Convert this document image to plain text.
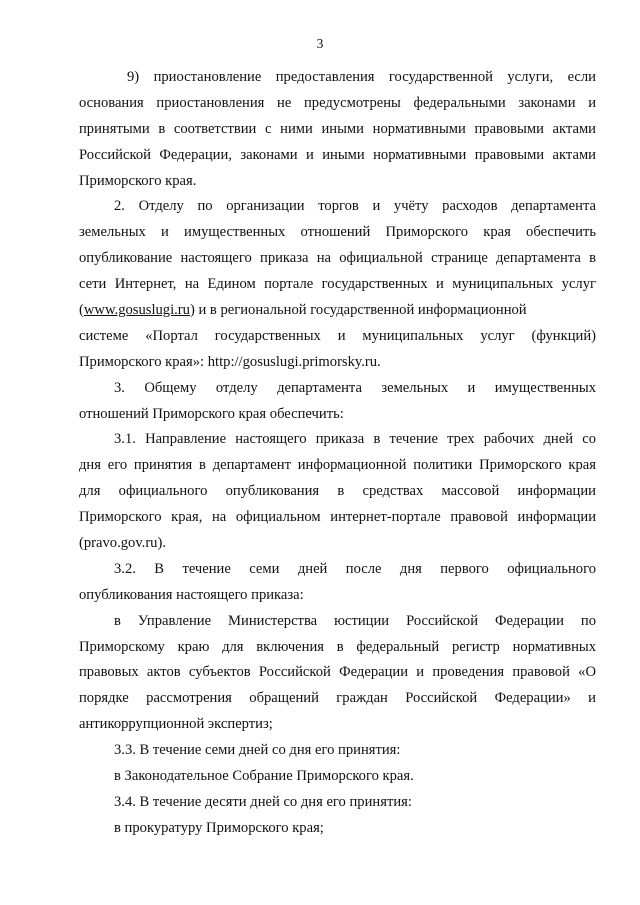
3
9) приостановление предоставления государственной услуги, если
основания приостановления не предусмотрены федеральными законами и
принятыми в соответствии с ними иными нормативными правовыми актами
Российской Федерации, законами и иными нормативными правовыми актами
Приморского края.
2. Отделу по организации торгов и учёту расходов департамента
земельных и имущественных отношений Приморского края обеспечить
опубликование настоящего приказа на официальной странице департамента в
сети Интернет, на Едином портале государственных и муниципальных услуг
(www.gosuslugi.ru) и в региональной государственной информационной
системе «Портал государственных и муниципальных услуг (функций)
Приморского края»: http://gosuslugi.primorsky.ru.
3. Общему отделу департамента земельных и имущественных
отношений Приморского края обеспечить:
3.1. Направление настоящего приказа в течение трех рабочих дней со
дня его принятия в департамент информационной политики Приморского края
для официального опубликования в средствах массовой информации
Приморского края, на официальном интернет-портале правовой информации
(pravo.gov.ru).
3.2. В течение семи дней после дня первого официального
опубликования настоящего приказа:
в Управление Министерства юстиции Российской Федерации по
Приморскому краю для включения в федеральный регистр нормативных
правовых актов субъектов Российской Федерации и проведения правовой «О
порядке рассмотрения обращений граждан Российской Федерации» и
антикоррупционной экспертиз;
3.3. В течение семи дней со дня его принятия:
в Законодательное Собрание Приморского края.
3.4. В течение десяти дней со дня его принятия:
в прокуратуру Приморского края;
